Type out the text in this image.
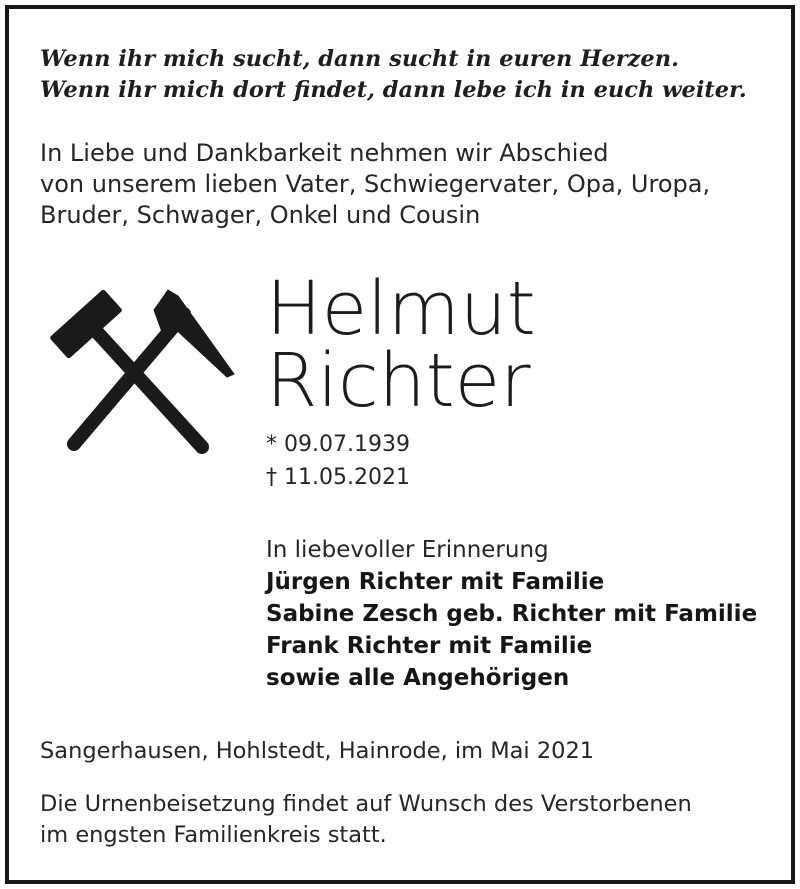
Wenn ihr mich sucht, dann sucht in euren Herzen.
Wenn ihr mich dort findet, dann lebe ich in euch weiter.
In Liebe und Dankbarkeit nehmen wir Abschied
von unserem lieben Vater, Schwiegervater, Opa, Uropa,
Bruder, Schwager, Onkel und Cousin
Helmut
Richter
* 09.07.1939
† 11.05.2021
In liebevoller Erinnerung
Jürgen Richter mit Familie
Sabine Zesch geb. Richter mit Familie
Frank Richter mit Familie
sowie alle Angehörigen
Sangerhausen, Hohlstedt, Hainrode, im Mai 2021
Die Urnenbeisetzung findet auf Wunsch des Verstorbenen
im engsten Familienkreis statt.
